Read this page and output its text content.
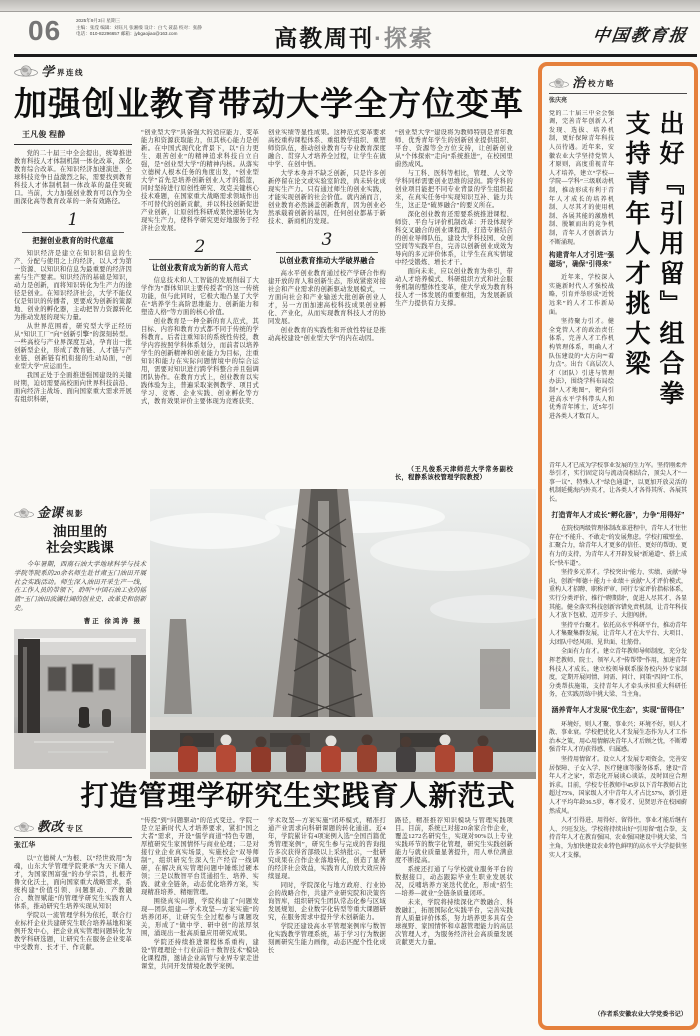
06	2025年9月3日 星期三
主编：张滢 编辑：刘钰凡 张湘缦 设计：白弋 聂磊 校对：张静
电话：010-82296657 邮箱：jybgaojiao@163.com	高教周刊·探索	中国教育报
学 界连线
加强创业教育带动大学全方位变革
王凡俊 程静
党的二十届三中全会提出，统筹推进教育科技人才体制机制一体化改革，深化教育综合改革。在知识经济加速演进、全球科技竞争日益激烈之际，需要找到教育科技人才体制机制一体改革的最佳突破口。当前，大力加强创业教育可以作为全面深化高等教育改革的一条有效路径。
1
把握创业教育的时代意蕴
知识经济是建立在知识和信息的生产、分配与使用之上的经济，以人才为第一资源、以知识和信息为最重要的经济因素与生产要素。知识经济的基础是知识，动力是创新，而将知识转化为生产力的途径是创业。在知识经济社会，大学不能仅仅是知识的传播者，更要成为创新的策源地、创业的孵化器，主动把智力资源转化为推动发展的现实力量。
从世界范围看，研究型大学正经历从“知识工厂”向“创新引擎”的深刻转型。一些高校与产业界深度互动，孕育出一批创新型企业，形成了教育链、人才链与产业链、创新链有机衔接的生动局面，“创业型大学”应运而生。
我国正处于全面推进强国建设的关键时期，迫切需要高校面向世界科技前沿、面向经济主战场、面向国家重大需求开展有组织科研，
“创业型大学”具备强大的适应能力、变革能力和资源获取能力，但其核心能力是创新。在中国式现代化背景下，以“自力更生、艰苦创业”的精神追求科技自立自强，是“创业型大学”的精神内核。从落实立德树人根本任务的角度出发，“创业型大学”首先是培养创新创业人才的摇篮，同时坚持进行原创性研究、攻克关键核心技术难题，在国家重大战略需求领域作出不可替代的创新贡献，并以科技创新促进产业创新，让原创性科研成果快速转化为现实生产力，使科学研究更好地服务于经济社会发展。
2
让创业教育成为新的育人范式
信息技术和人工智能的发展削弱了大学作为“群体知识主要传授者”的这一传统功能，但与此同时，它极大地凸显了大学在“培养学生高阶思维能力、创新能力和塑造人格”等方面的核心价值。
创业教育是一种全新的育人范式，其目标、内容和教育方式都不同于传统的学科教育。后者注重知识的系统性传授，教学内容按照学科体系划分，而前者以培养学生的创新精神和创业能力为目标，注重知识和能力在实际问题情境中的综合运用，需要对知识进行跨学科整合并且强调团队协作。在教育方式上，创业教育以实践体验为主，普遍采取案例教学、项目式学习、竞赛、企业实践、创业孵化等方式，教育效果评价主要体现为竞赛获奖、
创业实绩等显性成果。这种范式变革要求高校重构课程体系、重组教学组织、重塑师资队伍，推动创业教育与专业教育深度融合、贯穿人才培养全过程，让学生在做中学、在创中悟。
大学本身并不缺乏创新，只是许多创新停留在论文或实验室阶段，尚未转化成现实生产力。只有通过师生的创业实践，才能实现创新的社会价值。就内涵而言，创业教育必然涵盖创新教育，因为创业必然承载着创新的基因，任何创业都基于新技术、新商机的发现。
3
以创业教育推动大学破界融合
高水平创业教育通过校产学研合作构建开放的育人和创新生态，形成紧密对接社会和产业需求的创新驱动发展模式，一方面向社会和产业输送大批创新创业人才，另一方面加速高校科技成果创业孵化、产业化，从而实现教育科技人才的协同发展。
创业教育的实践性和开放性特征是推动高校建设“创业型大学”的内在动因。
“创业型大学”建设将为教师特别是青年教师、优秀青年学生的创新创业提供组织、平台、资源等全方位支持，让创新创业从“个体探索”走向“系统推进”，在校园里蔚然成风。
与工科、医科等相比，管理、人文等学科同样需要创业思维的浸润。跨学科的创业项目能把不同专业背景的学生组织起来，在真实任务中实现知识互补、能力共生，这正是“破界融合”的要义所在。
深化创业教育还需要系统推进课程、师资、平台与评价机制改革：开设体现学科交叉融合的创业课程群，打造专兼结合的创业导师队伍，建设大学科技园、众创空间等实践平台，完善以创新创业成效为导向的多元评价体系，让学生在真实情境中经受锻炼、增长才干。
面向未来，应以创业教育为牵引，带动人才培养模式、科研组织方式和社会服务机制的整体性变革，使大学成为教育科技人才一体发展的重要枢纽，为发展新质生产力提供有力支撑。
（王凡俊系天津师范大学常务副校长，程静系该校管理学院教授）
金课 视影
油田里的
社会实践课
今年暑期，西南石油大学地球科学与技术学院等院系的20余名师生赴甘肃玉门油田开展社会实践活动。师生深入油田开采生产一线，在工作人员的带领下，聆听“中国石油工业的摇篮”玉门油田波澜壮阔的创业史、改革史和创新史。
曹正 徐鸿涛 摄
打造管理学研究生实践育人新范式
教改 专区
张江华
以“立德树人”为根、以“经世致用”为魂，山东大学管理学院秉承“为天下储人才，为国家图富强”的办学宗旨，扎根齐鲁文化沃土，面向国家重大战略需求，系统构建“价值引领、问题驱动、产教融合、数智赋能”的管理学研究生实践育人体系，推动研究生培养实现从知识
学院以一流管理学科为依托，联合行业标杆企业共建研究生联合培养基地和案例开发中心，把企业真实管理问题转化为教学科研选题，让研究生在服务企业变革中受教育、长才干、作贡献。
“传授”到“问题驱动”的范式变迁。学院一是立足新时代人才培养要求，紧扣“国之大者”需求，开设“儒学商道”特色专题，厚植研究生家国情怀与商业伦理；二是对接行业企业真实场景，实施校企“双导师制”，组织研究生深入生产经营一线调研，在解决真实管理问题中锤炼过硬本领；三是以数智平台贯通招生、培养、实践、就业全链条，动态优化培养方案，实现精准培养、精细管理。
围绕真实问题，学院构建了“问题发现—团队组建—学术攻坚—方案实施”的培养闭环，让研究生全过程参与课题攻关，形成了“做中学、研中创”的浓厚氛围，涌现出一批高质量应用研究成果。
学院还持续推进课程体系重构，建设“管理理论＋行业前沿＋数智技术”模块化课程群，邀请企业高管与业界专家走进课堂，共同开发情境化教学案例。
学术攻坚—方案实施”闭环模式，精准打通产业需求向科研课题的转化通道。近4年，学院累计有4项案例入选“全国百篇优秀管理案例”，研究生参与完成的咨询报告多次获得省部级以上采纳批示，一批研究成果在合作企业落地转化，创造了显著的经济社会效益，实践育人的放大效应持续显现。
同时，学院深化与地方政府、行业协会的战略合作，共建产业研究院和决策咨询智库，组织研究生团队常态化参与区域发展规划、企业数字化转型等重大课题研究，在服务需求中提升学术创新能力。
学院还建设高水平管理案例库与数智化实践教学管理系统，基于学习行为数据刻画研究生能力画像，动态匹配个性化成长
路径，精准推荐知识模块与管理实践项目。目前，系统已对接20余家合作企业，覆盖1272名研究生，实现对90%以上专业实践环节的数字化管理，研究生实践创新能力与就业质量显著提升，用人单位满意度不断提高。
系统还打通了与学校就业服务平台的数据接口，动态跟踪毕业生职业发展状况，反哺培养方案迭代优化，形成“招生—培养—就业”全链条质量闭环。
未来，学院将持续深化产教融合、科教融汇，拓展国际化实践平台，完善实践育人质量评价体系，努力培养更多具有全球视野、家国情怀和卓越管理能力的高层次管理人才，为服务经济社会高质量发展贡献更大力量。
治 校方略
张庆亮
党的二十届三中全会强调，完善青年创新人才发现、选拔、培养机制，更好保障青年科技人员待遇。近年来，安徽农业大学坚持党管人才原则，高度重视青年人才培养，建立“学校—学院—学科”三级联动机制，推动形成有利于青年人才成长的培养机制、人尽其才的使用机制、各展其能的激励机制、脱颖而出的竞争机制，青年人才创新活力不断涌现。
构建青年人才引进“强磁场”，确保“引得来”
近年来，学校深入实施新时代人才强校战略，引育并举形成“近悦远来”的人才工作新局面。
坚持聚力引才。健全党管人才的政治责任体系，完善人才工作机构管理体系，明确人才队伍建设的“大方向”“着力点”。出台《高层次人才（团队）引进与管理办法》，围绕学科布局绘制“人才地图”，靶向引进高水平学科带头人和优秀青年博士，近5年引进各类人才数百人，
出好『引用留』组合拳
支持青年人才挑大梁
青年人才已成为学校事业发展的生力军。坚持刚柔并举引才，实行固定岗与流动岗相结合，顶尖人才“一事一议”、特殊人才“绿色通道”，以更加开放灵活的机制延揽海内外英才，让各类人才各得其所、各展其长。
打造青年人才成长“孵化器”，力争“用得好”
在院校两级管理体制改革进程中，青年人才往往存在“不能升、不敢走”的发展焦虑。学校打破壁垒、汇聚合力，给青年人才更多的信任、更好的帮助、更有力的支持，为青年人才开辟发展“新通道”、搭上成长“快车道”。
坚持多元养才。学校突出“能力、实绩、贡献”导向，创新“师德＋能力＋业绩＋贡献”人才评价模式，重构人才招聘、职称评审、同行专家评价指标体系，实行分类评价，推行“聘期制”，促进人尽其才、各显其能。健全落实科技创新容错免责机制，让青年科技人才放下包袱、迈开步子、大胆闯拼。
坚持平台聚才。依托高水平科研平台，推动青年人才集聚集群发展，让青年人才在大平台、大项目、大团队中经风雨、见世面、壮筋骨。
全面有力育才。建立青年教师导师制度，充分发挥老教师、院士、领军人才“传帮带”作用，加速青年科技人才成长。建立校领导联系服务校内外专家制度，定期开展问情、问需、问计、问策“四问”工作，分类帮扶施策，支持青年人才牵头承担重大科研任务，在实践历练中挑大梁、当主角。
涵养青年人才发展“优生态”，实现“留得住”
环境好，则人才聚、事业兴；环境不好，则人才散、事业衰。学校把优化人才发展生态作为人才工作治本之策，用心用情解决青年人才后顾之忧，不断增强青年人才的获得感、归属感。
坚持用情留才。设立人才发展专项资金，完善安居保障、子女入学、医疗健康等服务体系，建设“青年人才之家”，常态化开展谈心谈话，及时回应合理诉求。目前，学校专任教师中45岁以下青年教师占比超过75%，国家级人才中青年人才占比57%，新引进人才平均年龄36.5岁，尊才爱才、见贤思齐在校园蔚然成风。
人才引得进、用得好、留得住，事业才能后继有人、兴旺发达。学校将持续出好“引用留”组合拳，支持青年人才在教育强国、农业强国建设中挑大梁、当主角，为加快建设农业特色鲜明的高水平大学提供坚实人才支撑。
（作者系安徽农业大学党委书记）
